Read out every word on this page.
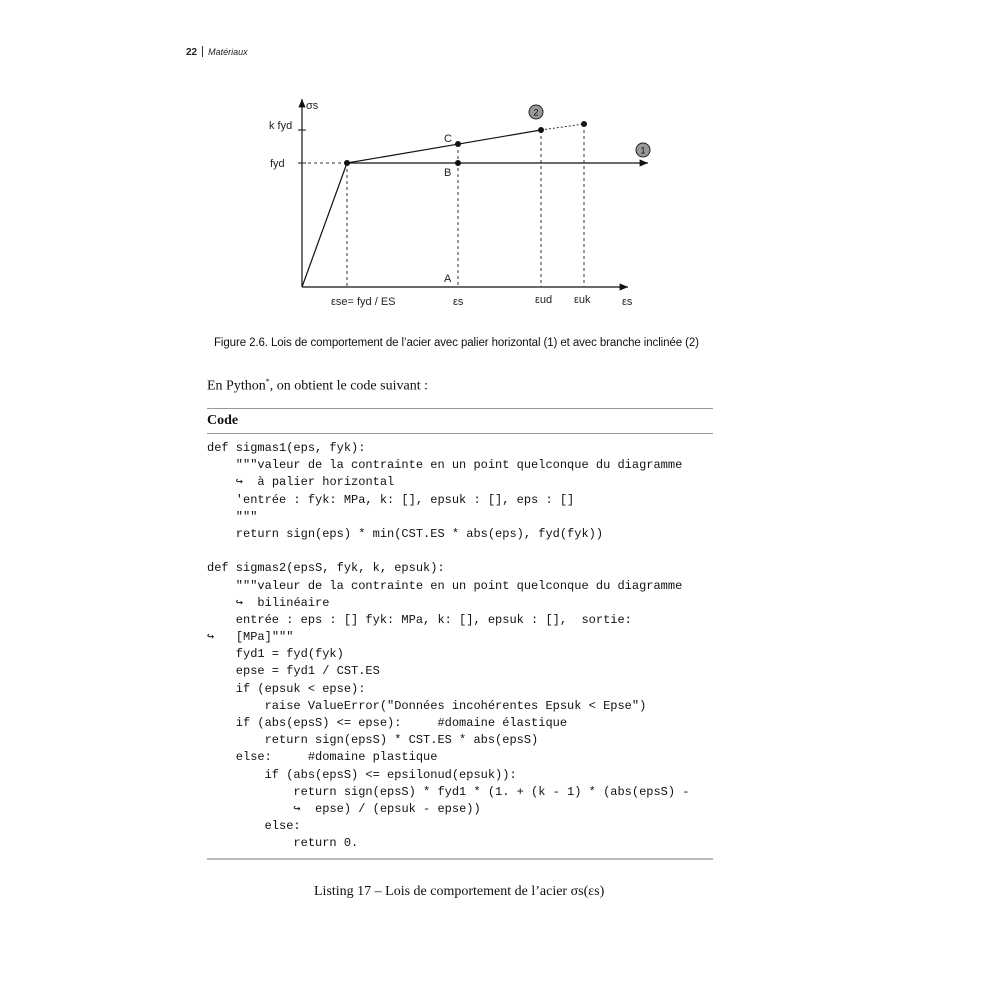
22 Matériaux
2
1
σs
εs
k fyd
fyd
εse= fyd / ES	εs	εud εuk
A
B
C
Figure 2.6. Lois de comportement de l’acier avec palier horizontal (1) et avec branche inclinée (2)
En Python*, on obtient le code suivant :
Code
def sigmas1(eps, fyk):
"""valeur de la contrainte en un point quelconque du diagramme
↪  à palier horizontal
'entrée : fyk: MPa, k: [], epsuk : [], eps : []
"""
return sign(eps) * min(CST.ES * abs(eps), fyd(fyk))

def sigmas2(epsS, fyk, k, epsuk):
"""valeur de la contrainte en un point quelconque du diagramme
↪  bilinéaire
entrée : eps : [] fyk: MPa, k: [], epsuk : [],  sortie:
↪   [MPa]"""
fyd1 = fyd(fyk)
epse = fyd1 / CST.ES
if (epsuk < epse):
raise ValueError("Données incohérentes Epsuk < Epse")
if (abs(epsS) <= epse):     #domaine élastique
return sign(epsS) * CST.ES * abs(epsS)
else:     #domaine plastique
if (abs(epsS) <= epsilonud(epsuk)):
return sign(epsS) * fyd1 * (1. + (k - 1) * (abs(epsS) -
↪  epse) / (epsuk - epse))
else:
return 0.
Listing 17 – Lois de comportement de l’acier σs(εs)
